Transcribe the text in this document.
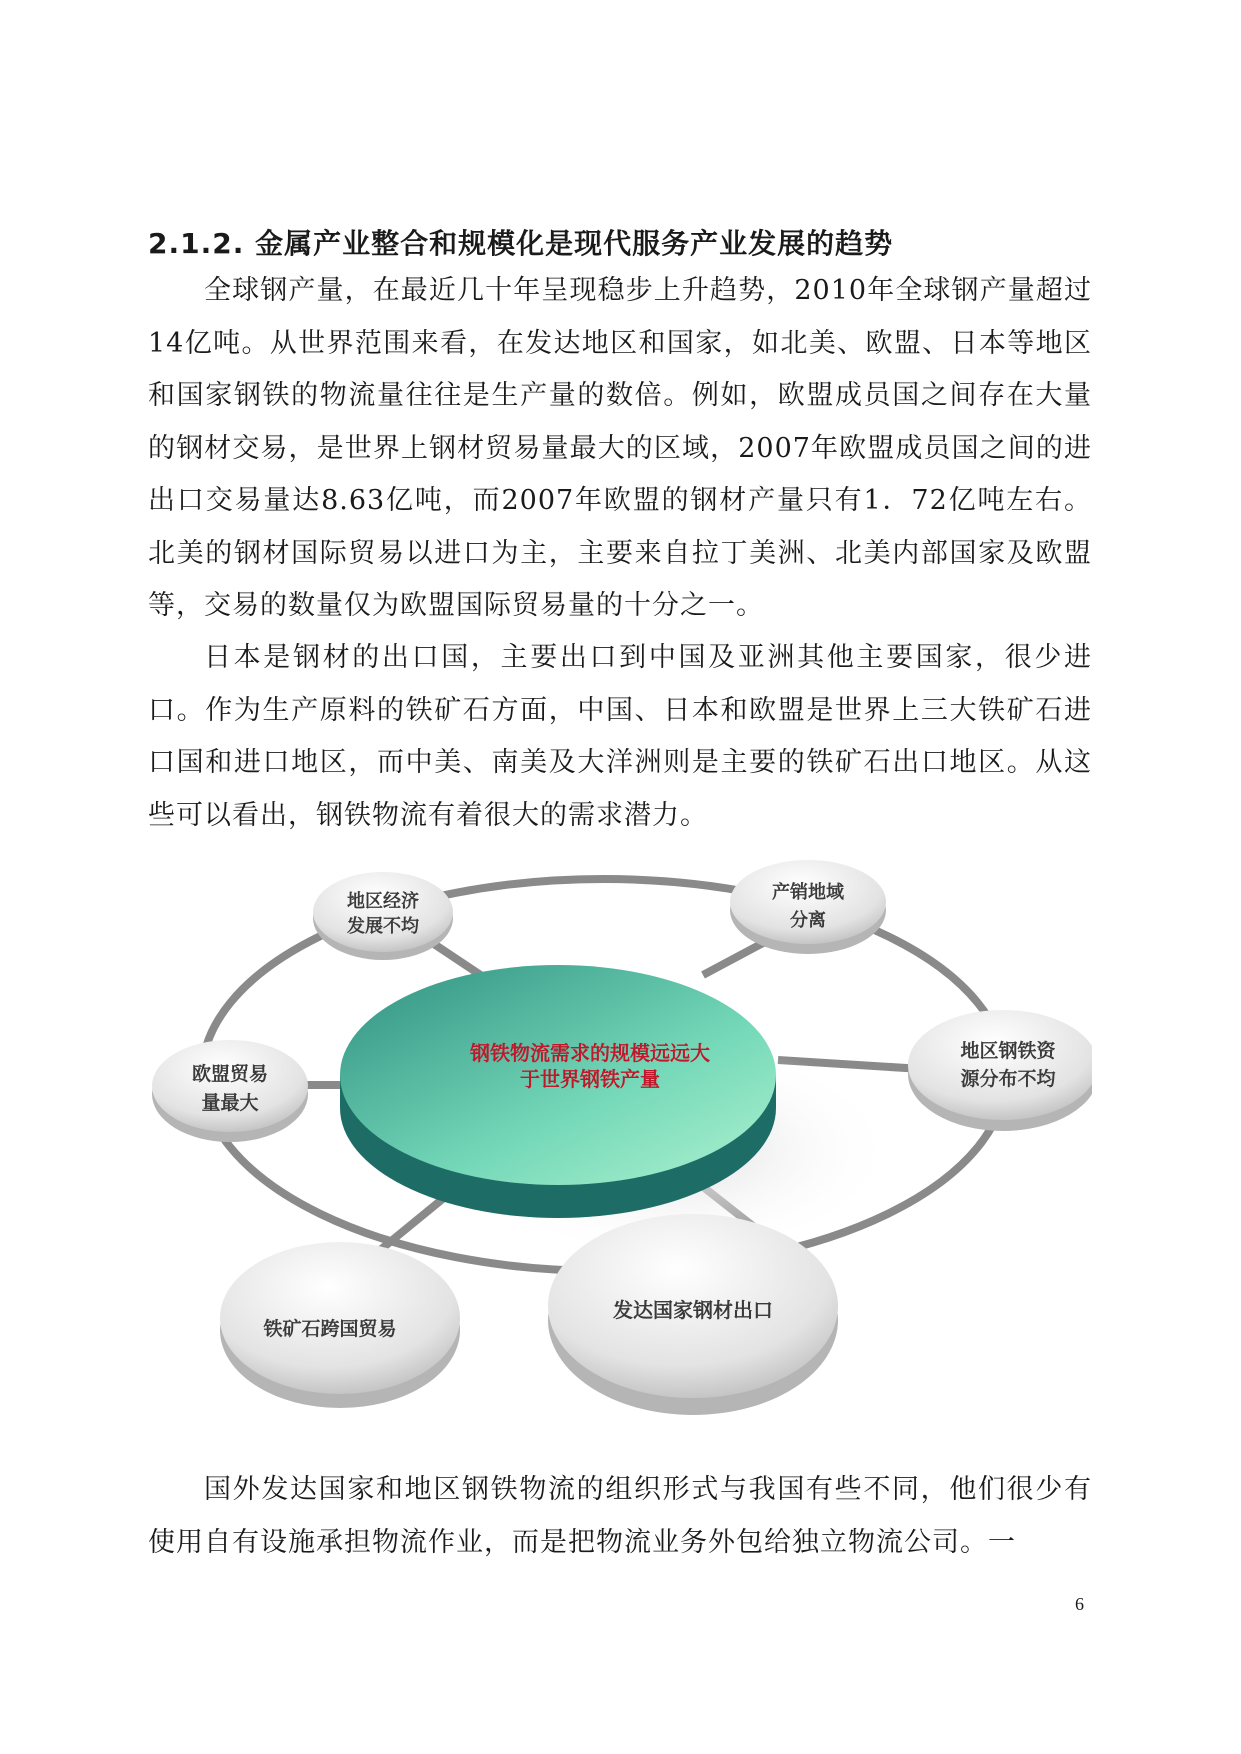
2.1.2. 金属产业整合和规模化是现代服务产业发展的趋势

全球钢产量，在最近几十年呈现稳步上升趋势，2010年全球钢产量超过14亿吨。从世界范围来看，在发达地区和国家，如北美、欧盟、日本等地区和国家钢铁的物流量往往是生产量的数倍。例如，欧盟成员国之间存在大量的钢材交易，是世界上钢材贸易量最大的区域，2007年欧盟成员国之间的进出口交易量达8.63亿吨，而2007年欧盟的钢材产量只有1．72亿吨左右。北美的钢材国际贸易以进口为主，主要来自拉丁美洲、北美内部国家及欧盟等，交易的数量仅为欧盟国际贸易量的十分之一。

日本是钢材的出口国，主要出口到中国及亚洲其他主要国家，很少进口。作为生产原料的铁矿石方面，中国、日本和欧盟是世界上三大铁矿石进口国和进口地区，而中美、南美及大洋洲则是主要的铁矿石出口地区。从这些可以看出，钢铁物流有着很大的需求潜力。

钢铁物流需求的规模远远大
于世界钢铁产量
地区经济
发展不均
产销地域
分离
地区钢铁资
源分布不均
欧盟贸易
量最大
铁矿石跨国贸易
发达国家钢材出口

国外发达国家和地区钢铁物流的组织形式与我国有些不同，他们很少有使用自有设施承担物流作业，而是把物流业务外包给独立物流公司。一

6
